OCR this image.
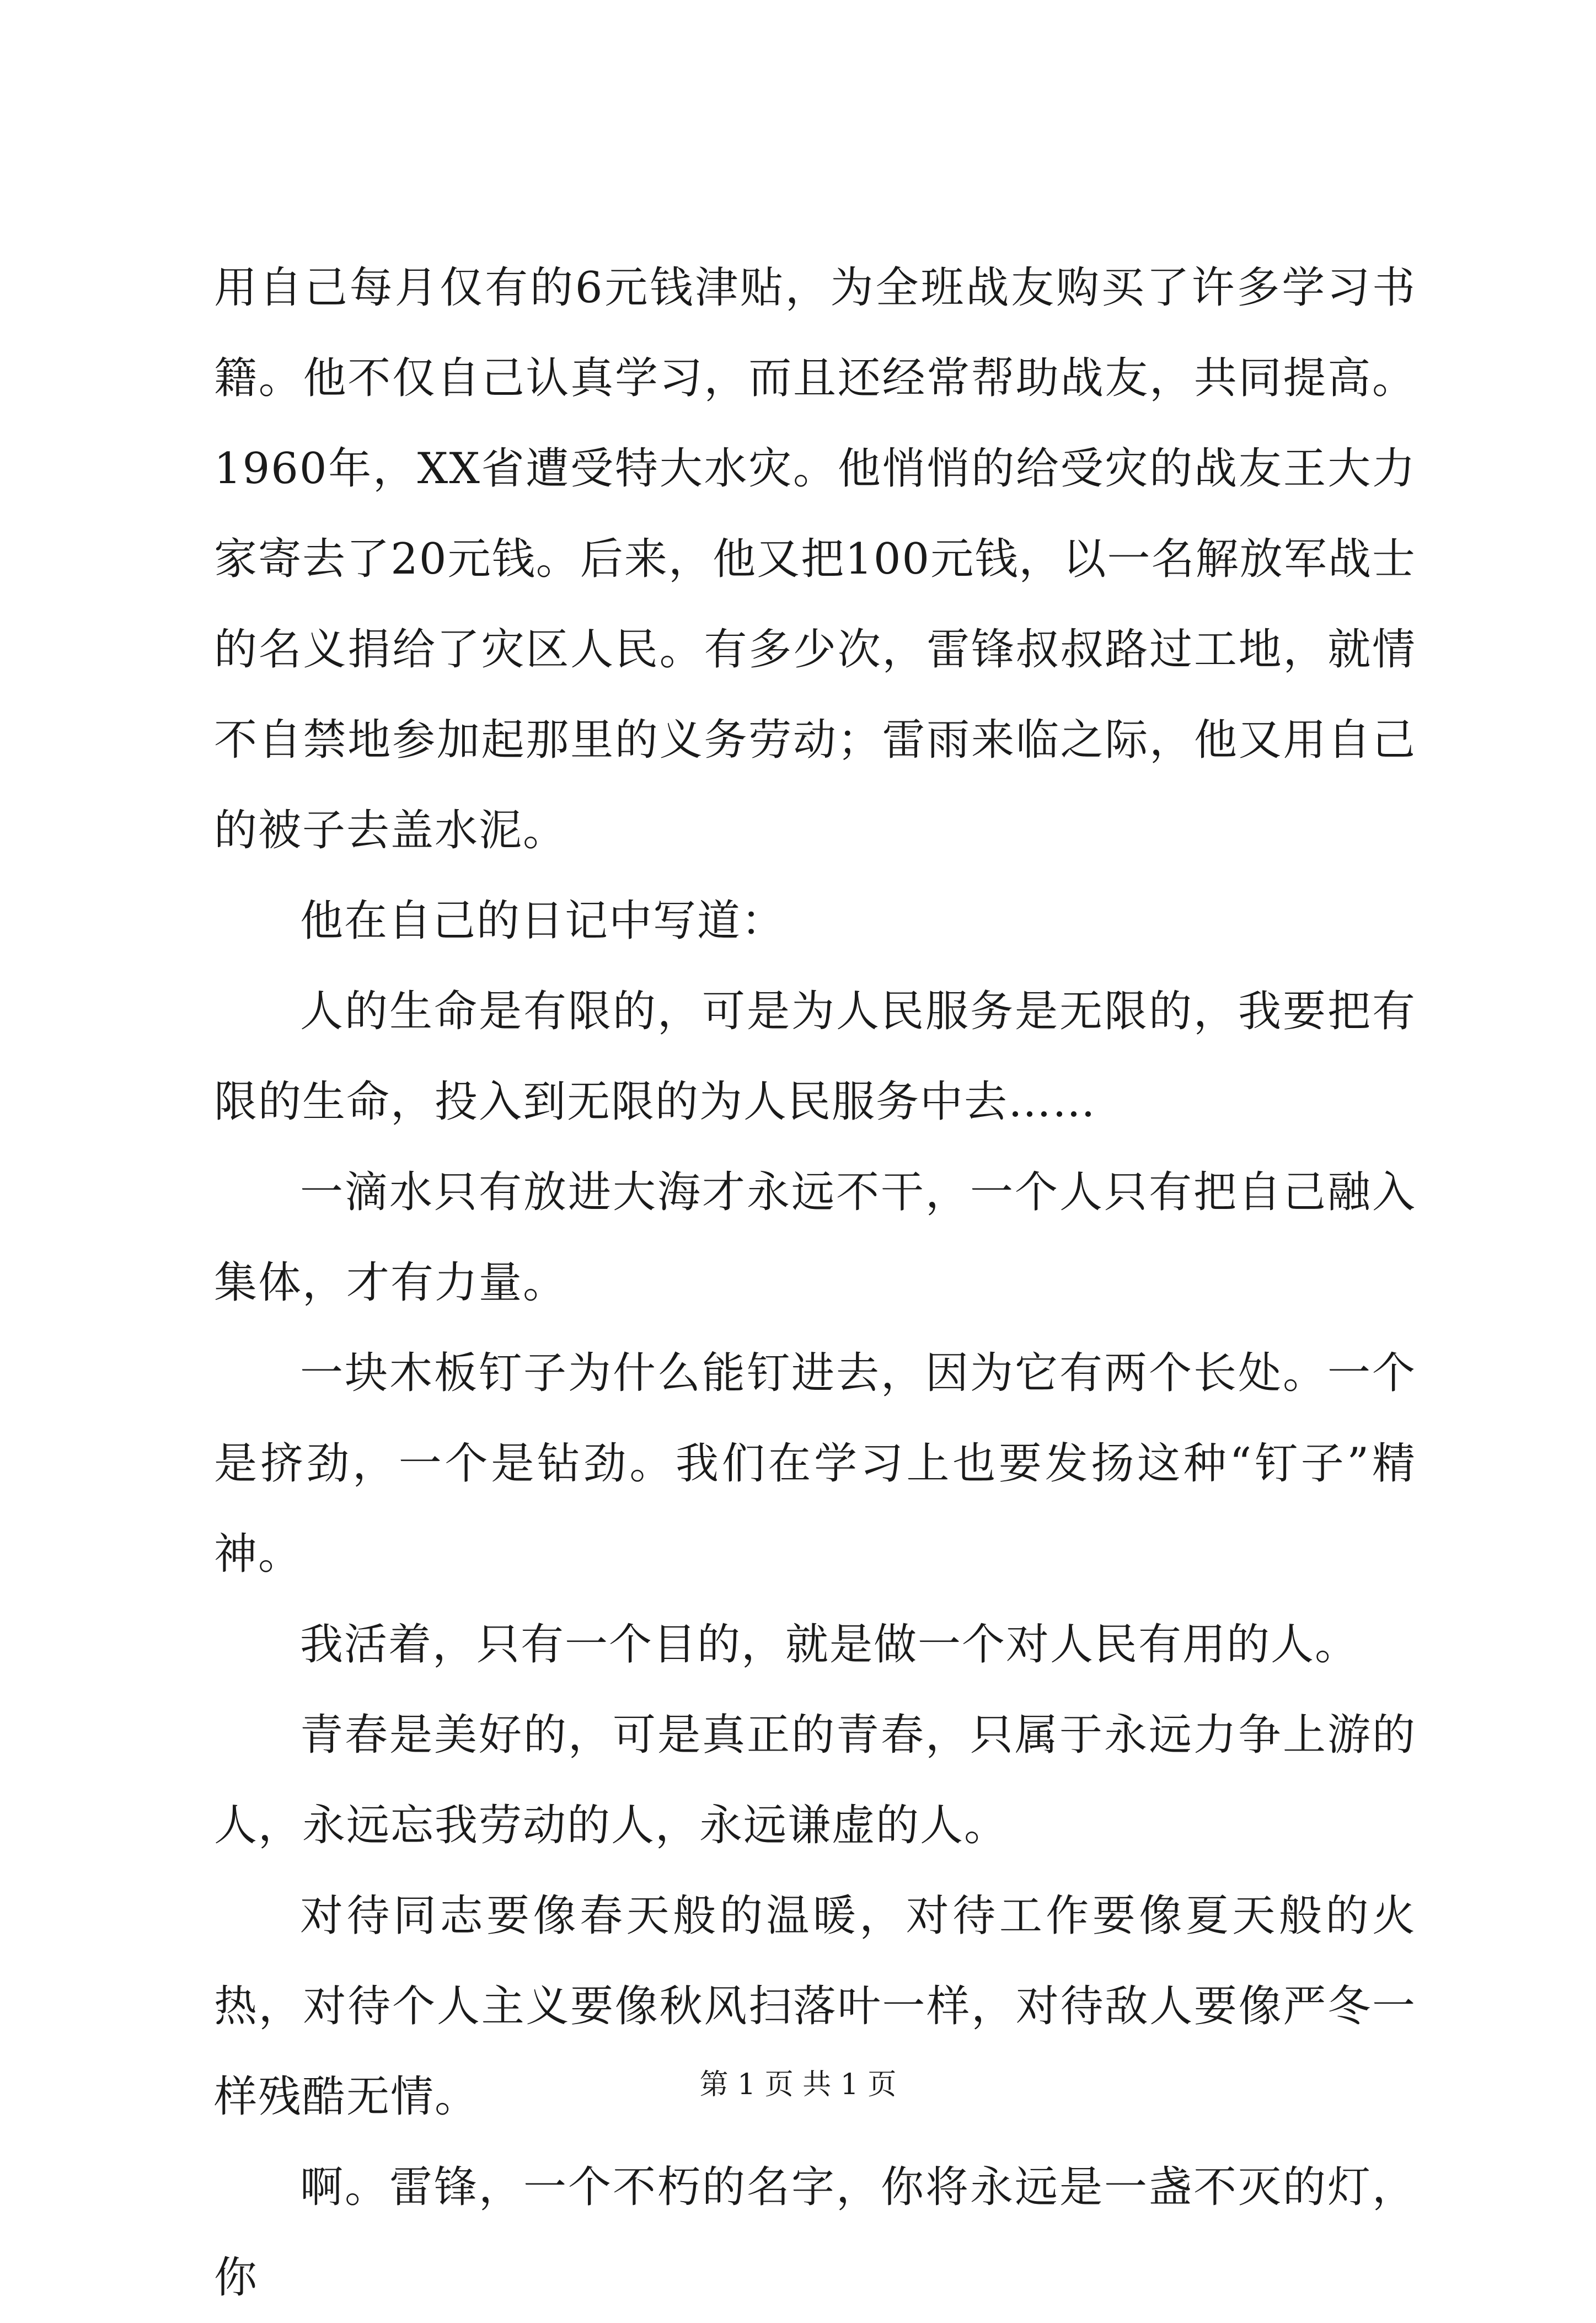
用自己每月仅有的6元钱津贴，为全班战友购买了许多学习书籍。他不仅自己认真学习，而且还经常帮助战友，共同提高。1960年，XX省遭受特大水灾。他悄悄的给受灾的战友王大力家寄去了20元钱。后来，他又把100元钱，以一名解放军战士的名义捐给了灾区人民。有多少次，雷锋叔叔路过工地，就情不自禁地参加起那里的义务劳动；雷雨来临之际，他又用自己的被子去盖水泥。

他在自己的日记中写道：

人的生命是有限的，可是为人民服务是无限的，我要把有限的生命，投入到无限的为人民服务中去……

一滴水只有放进大海才永远不干，一个人只有把自己融入集体，才有力量。

一块木板钉子为什么能钉进去，因为它有两个长处。一个是挤劲，一个是钻劲。我们在学习上也要发扬这种“钉子”精神。

我活着，只有一个目的，就是做一个对人民有用的人。

青春是美好的，可是真正的青春，只属于永远力争上游的人，永远忘我劳动的人，永远谦虚的人。

对待同志要像春天般的温暖，对待工作要像夏天般的火热，对待个人主义要像秋风扫落叶一样，对待敌人要像严冬一样残酷无情。

啊。雷锋，一个不朽的名字，你将永远是一盏不灭的灯，你

第 1 页 共 1 页
